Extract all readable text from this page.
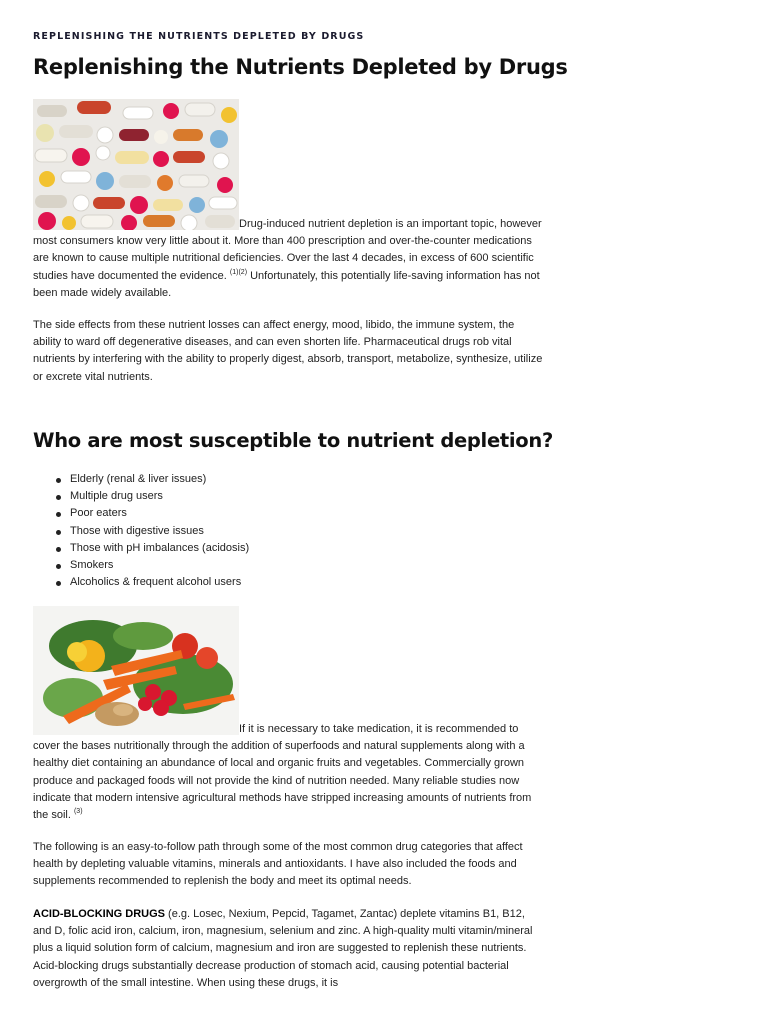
REPLENISHING THE NUTRIENTS DEPLETED BY DRUGS

Replenishing the Nutrients Depleted by Drugs

Drug-induced nutrient depletion is an important topic, however most consumers know very little about it. More than 400 prescription and over-the-counter medications are known to cause multiple nutritional deficiencies. Over the last 4 decades, in excess of 600 scientific studies have documented the evidence. $^{(1)(2)}$ Unfortunately, this potentially life-saving information has not been made widely available.

The side effects from these nutrient losses can affect energy, mood, libido, the immune system, the ability to ward off degenerative diseases, and can even shorten life. Pharmaceutical drugs rob vital nutrients by interfering with the ability to properly digest, absorb, transport, metabolize, synthesize, utilize or excrete vital nutrients.

Who are most susceptible to nutrient depletion?
Elderly (renal & liver issues)
Multiple drug users
Poor eaters
Those with digestive issues
Those with pH imbalances (acidosis)
Smokers
Alcoholics & frequent alcohol users

If it is necessary to take medication, it is recommended to cover the bases nutritionally through the addition of superfoods and natural supplements along with a healthy diet containing an abundance of local and organic fruits and vegetables. Commercially grown produce and packaged foods will not provide the kind of nutrition needed. Many reliable studies now indicate that modern intensive agricultural methods have stripped increasing amounts of nutrients from the soil. $^{(3)}$

The following is an easy-to-follow path through some of the most common drug categories that affect health by depleting valuable vitamins, minerals and antioxidants. I have also included the foods and supplements recommended to replenish the body and meet its optimal needs.

ACID-BLOCKING DRUGS (e.g. Losec, Nexium, Pepcid, Tagamet, Zantac) deplete vitamins B1, B12, and D, folic acid iron, calcium, iron, magnesium, selenium and zinc. A high-quality multi vitamin/mineral plus a liquid solution form of calcium, magnesium and iron are suggested to replenish these nutrients. Acid-blocking drugs substantially decrease production of stomach acid, causing potential bacterial overgrowth of the small intestine. When using these drugs, it is
